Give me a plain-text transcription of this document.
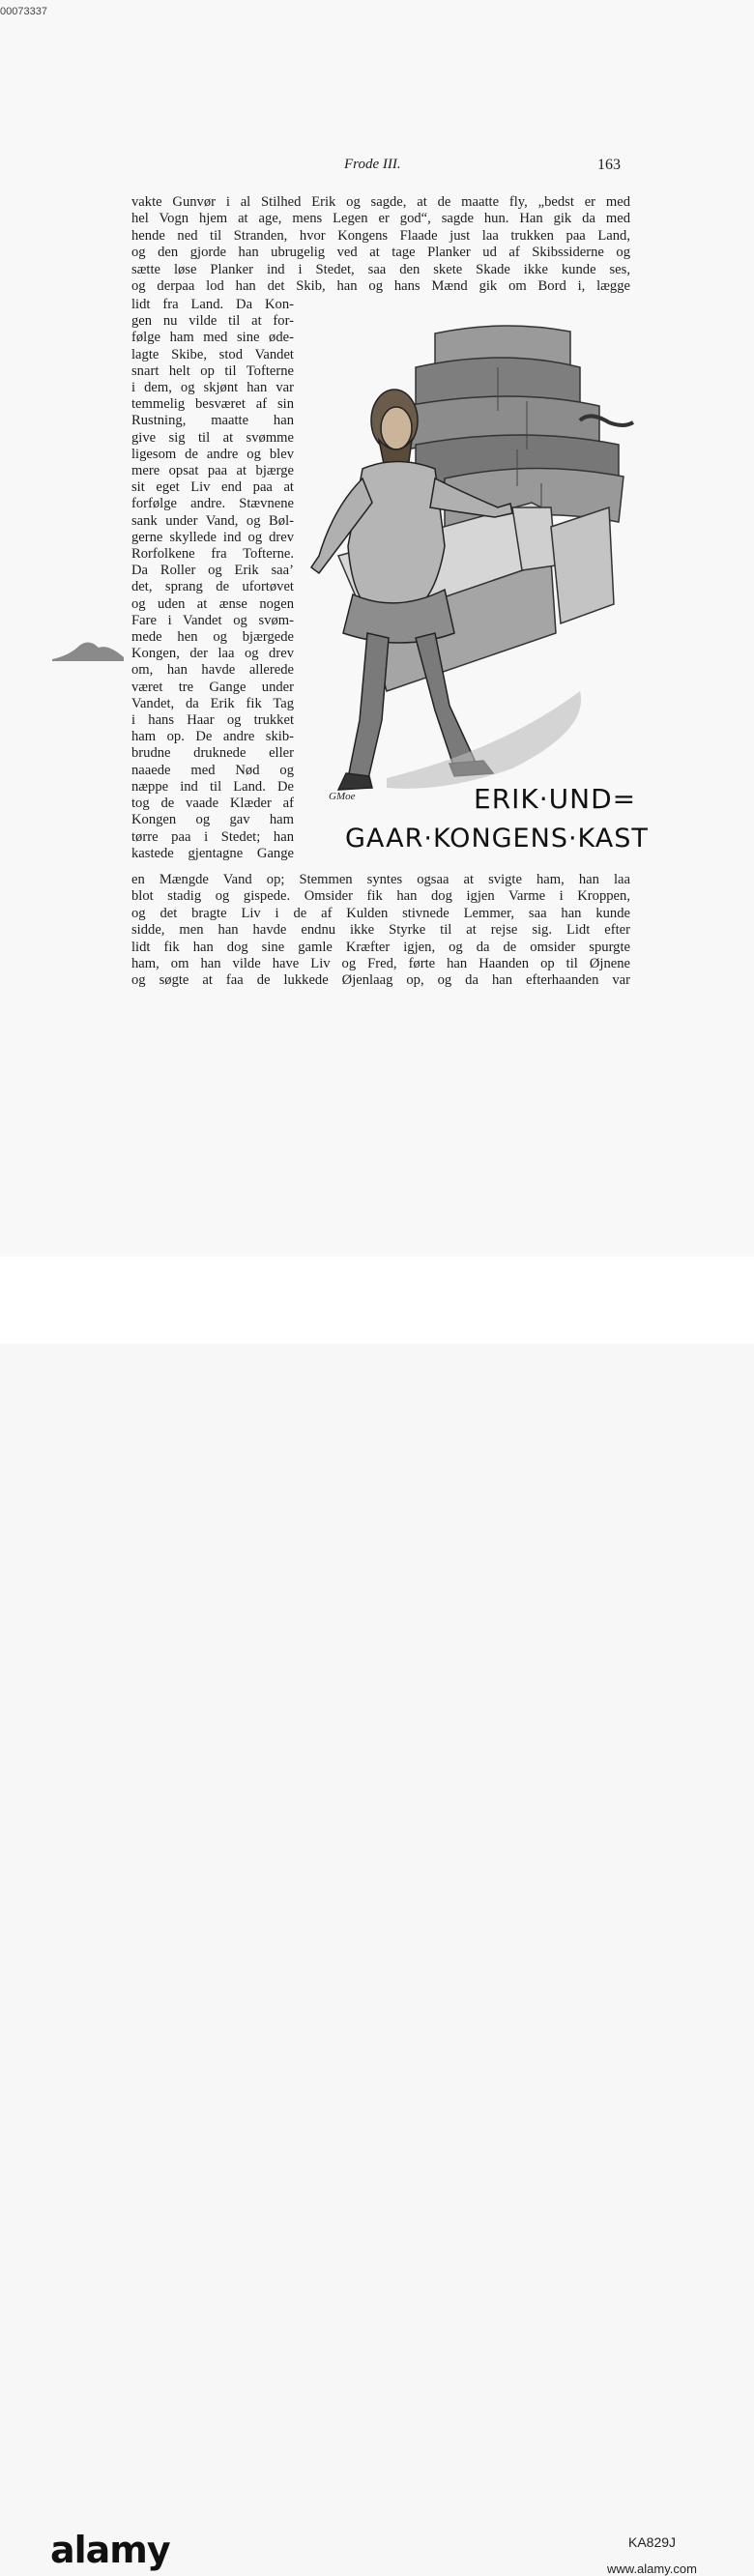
00073337
Frode III.	163
vakte Gunvør i al Stilhed Erik og sagde, at de maatte fly, „bedst er med
hel Vogn hjem at age, mens Legen er god“, sagde hun. Han gik da med
hende ned til Stranden, hvor Kongens Flaade just laa trukken paa Land,
og den gjorde han ubrugelig ved at tage Planker ud af Skibssiderne og
sætte løse Planker ind i Stedet, saa den skete Skade ikke kunde ses,
og derpaa lod han det Skib, han og hans Mænd gik om Bord i, lægge
lidt fra Land. Da Kon-
gen nu vilde til at for-
følge ham med sine øde-
lagte Skibe, stod Vandet
snart helt op til Tofterne
i dem, og skjønt han var
temmelig besværet af sin
Rustning, maatte han
give sig til at svømme
ligesom de andre og blev
mere opsat paa at bjærge
sit eget Liv end paa at
forfølge andre. Stævnene
sank under Vand, og Bøl-
gerne skyllede ind og drev
Rorfolkene fra Tofterne.
Da Roller og Erik saa’
det, sprang de ufortøvet
og uden at ænse nogen
Fare i Vandet og svøm-
mede hen og bjærgede
Kongen, der laa og drev
om, han havde allerede
været tre Gange under
Vandet, da Erik fik Tag
i hans Haar og trukket
ham op. De andre skib-
brudne druknede eller
naaede med Nød og
næppe ind til Land. De
tog de vaade Klæder af
Kongen og gav ham
tørre paa i Stedet; han
kastede gjentagne Gange
GMoe	ERIK·UND=
GAAR·KONGENS·KAST
en Mængde Vand op; Stemmen syntes ogsaa at svigte ham, han laa
blot stadig og gispede. Omsider fik han dog igjen Varme i Kroppen,
og det bragte Liv i de af Kulden stivnede Lemmer, saa han kunde
sidde, men han havde endnu ikke Styrke til at rejse sig. Lidt efter
lidt fik han dog sine gamle Kræfter igjen, og da de omsider spurgte
ham, om han vilde have Liv og Fred, førte han Haanden op til Øjnene
og søgte at faa de lukkede Øjenlaag op, og da han efterhaanden var
alamy	KA829J
www.alamy.com
